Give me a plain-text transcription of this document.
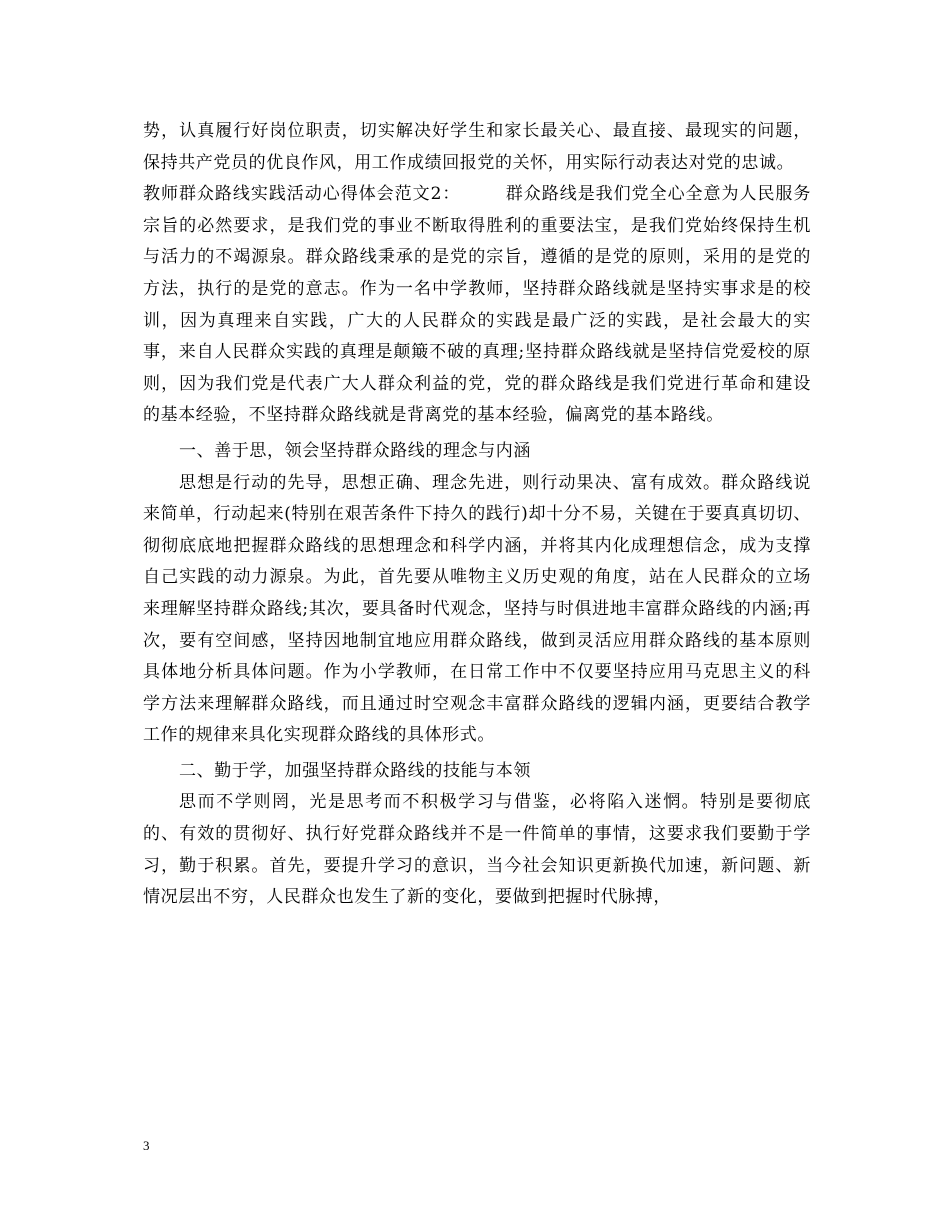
势，认真履行好岗位职责，切实解决好学生和家长最关心、最直接、最现实的问题，保持共产党员的优良作风，用工作成绩回报党的关怀，用实际行动表达对党的忠诚。

教师群众路线实践活动心得体会范文2：　　　群众路线是我们党全心全意为人民服务宗旨的必然要求，是我们党的事业不断取得胜利的重要法宝，是我们党始终保持生机与活力的不竭源泉。群众路线秉承的是党的宗旨，遵循的是党的原则，采用的是党的方法，执行的是党的意志。作为一名中学教师，坚持群众路线就是坚持实事求是的校训，因为真理来自实践，广大的人民群众的实践是最广泛的实践，是社会最大的实事，来自人民群众实践的真理是颠簸不破的真理;坚持群众路线就是坚持信党爱校的原则，因为我们党是代表广大人群众利益的党，党的群众路线是我们党进行革命和建设的基本经验，不坚持群众路线就是背离党的基本经验，偏离党的基本路线。

一、善于思，领会坚持群众路线的理念与内涵

思想是行动的先导，思想正确、理念先进，则行动果决、富有成效。群众路线说来简单，行动起来(特别在艰苦条件下持久的践行)却十分不易，关键在于要真真切切、彻彻底底地把握群众路线的思想理念和科学内涵，并将其内化成理想信念，成为支撑自己实践的动力源泉。为此，首先要从唯物主义历史观的角度，站在人民群众的立场来理解坚持群众路线;其次，要具备时代观念，坚持与时俱进地丰富群众路线的内涵;再次，要有空间感，坚持因地制宜地应用群众路线，做到灵活应用群众路线的基本原则具体地分析具体问题。作为小学教师，在日常工作中不仅要坚持应用马克思主义的科学方法来理解群众路线，而且通过时空观念丰富群众路线的逻辑内涵，更要结合教学工作的规律来具化实现群众路线的具体形式。

二、勤于学，加强坚持群众路线的技能与本领

思而不学则罔，光是思考而不积极学习与借鉴，必将陷入迷惘。特别是要彻底的、有效的贯彻好、执行好党群众路线并不是一件简单的事情，这要求我们要勤于学习，勤于积累。首先，要提升学习的意识，当今社会知识更新换代加速，新问题、新情况层出不穷，人民群众也发生了新的变化，要做到把握时代脉搏，

3
